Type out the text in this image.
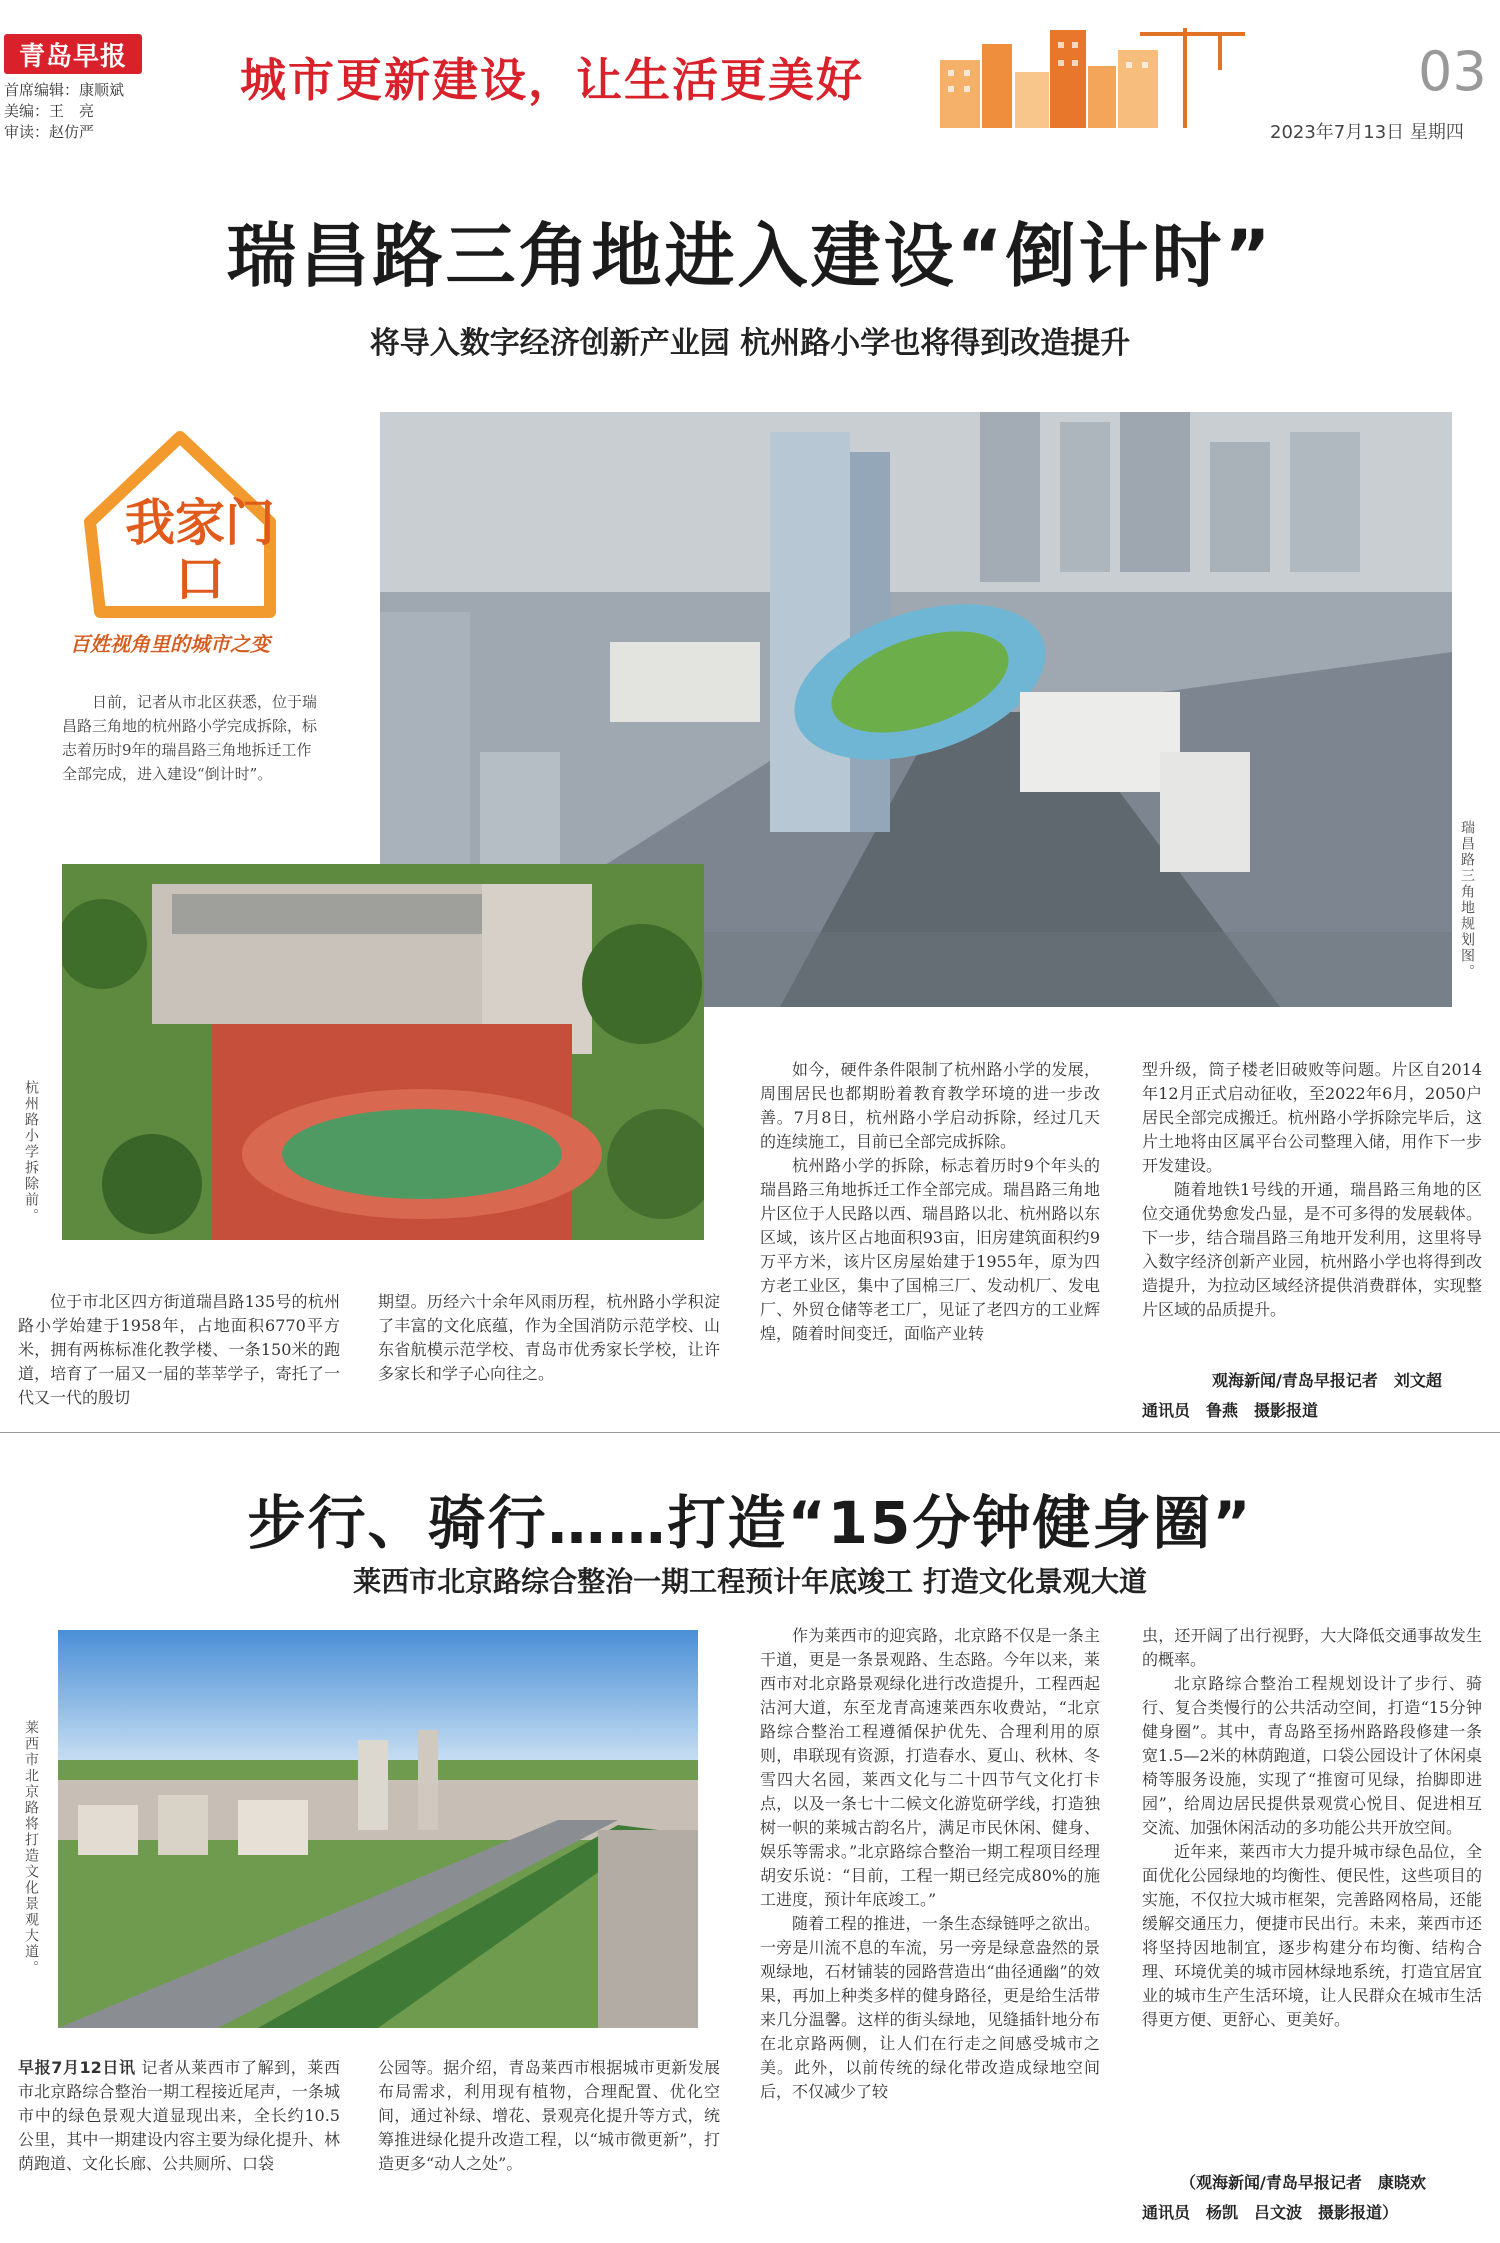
青岛早报
首席编辑：康顺斌
美编：王　亮
审读：赵仿严
城市更新建设，让生活更美好	03
2023年7月13日 星期四
瑞昌路三角地进入建设“倒计时”
将导入数字经济创新产业园 杭州路小学也将得到改造提升
我家门口
百姓视角里的城市之变
日前，记者从市北区获悉，位于瑞昌路三角地的杭州路小学完成拆除，标志着历时9年的瑞昌路三角地拆迁工作全部完成，进入建设“倒计时”。
瑞昌路三角地规划图。
杭州路小学拆除前。
位于市北区四方街道瑞昌路135号的杭州路小学始建于1958年，占地面积6770平方米，拥有两栋标准化教学楼、一条150米的跑道，培育了一届又一届的莘莘学子，寄托了一代又一代的殷切
期望。历经六十余年风雨历程，杭州路小学积淀了丰富的文化底蕴，作为全国消防示范学校、山东省航模示范学校、青岛市优秀家长学校，让许多家长和学子心向往之。

如今，硬件条件限制了杭州路小学的发展，周围居民也都期盼着教育教学环境的进一步改善。7月8日，杭州路小学启动拆除，经过几天的连续施工，目前已全部完成拆除。

杭州路小学的拆除，标志着历时9个年头的瑞昌路三角地拆迁工作全部完成。瑞昌路三角地片区位于人民路以西、瑞昌路以北、杭州路以东区域，该片区占地面积93亩，旧房建筑面积约9万平方米，该片区房屋始建于1955年，原为四方老工业区，集中了国棉三厂、发动机厂、发电厂、外贸仓储等老工厂，见证了老四方的工业辉煌，随着时间变迁，面临产业转

型升级，筒子楼老旧破败等问题。片区自2014年12月正式启动征收，至2022年6月，2050户居民全部完成搬迁。杭州路小学拆除完毕后，这片土地将由区属平台公司整理入储，用作下一步开发建设。

随着地铁1号线的开通，瑞昌路三角地的区位交通优势愈发凸显，是不可多得的发展载体。下一步，结合瑞昌路三角地开发利用，这里将导入数字经济创新产业园，杭州路小学也将得到改造提升，为拉动区域经济提供消费群体，实现整片区域的品质提升。

观海新闻/青岛早报记者　刘文超
通讯员　鲁燕　摄影报道
步行、骑行……打造“15分钟健身圈”
莱西市北京路综合整治一期工程预计年底竣工 打造文化景观大道
莱西市北京路将打造文化景观大道。
早报7月12日讯 记者从莱西市了解到，莱西市北京路综合整治一期工程接近尾声，一条城市中的绿色景观大道显现出来，全长约10.5公里，其中一期建设内容主要为绿化提升、林荫跑道、文化长廊、公共厕所、口袋
公园等。据介绍，青岛莱西市根据城市更新发展布局需求，利用现有植物，合理配置、优化空间，通过补绿、增花、景观亮化提升等方式，统筹推进绿化提升改造工程，以“城市微更新”，打造更多“动人之处”。

作为莱西市的迎宾路，北京路不仅是一条主干道，更是一条景观路、生态路。今年以来，莱西市对北京路景观绿化进行改造提升，工程西起沽河大道，东至龙青高速莱西东收费站，“北京路综合整治工程遵循保护优先、合理利用的原则，串联现有资源，打造春水、夏山、秋林、冬雪四大名园，莱西文化与二十四节气文化打卡点，以及一条七十二候文化游览研学线，打造独树一帜的莱城古韵名片，满足市民休闲、健身、娱乐等需求。”北京路综合整治一期工程项目经理胡安乐说：“目前，工程一期已经完成80%的施工进度，预计年底竣工。”

随着工程的推进，一条生态绿链呼之欲出。一旁是川流不息的车流，另一旁是绿意盎然的景观绿地，石材铺装的园路营造出“曲径通幽”的效果，再加上种类多样的健身路径，更是给生活带来几分温馨。这样的街头绿地，见缝插针地分布在北京路两侧，让人们在行走之间感受城市之美。此外，以前传统的绿化带改造成绿地空间后，不仅减少了较

虫，还开阔了出行视野，大大降低交通事故发生的概率。

北京路综合整治工程规划设计了步行、骑行、复合类慢行的公共活动空间，打造“15分钟健身圈”。其中，青岛路至扬州路路段修建一条宽1.5—2米的林荫跑道，口袋公园设计了休闲桌椅等服务设施，实现了“推窗可见绿，抬脚即进园”，给周边居民提供景观赏心悦目、促进相互交流、加强休闲活动的多功能公共开放空间。

近年来，莱西市大力提升城市绿色品位，全面优化公园绿地的均衡性、便民性，这些项目的实施，不仅拉大城市框架，完善路网格局，还能缓解交通压力，便捷市民出行。未来，莱西市还将坚持因地制宜，逐步构建分布均衡、结构合理、环境优美的城市园林绿地系统，打造宜居宜业的城市生产生活环境，让人民群众在城市生活得更方便、更舒心、更美好。

（观海新闻/青岛早报记者　康晓欢
通讯员　杨凯　吕文波　摄影报道）
